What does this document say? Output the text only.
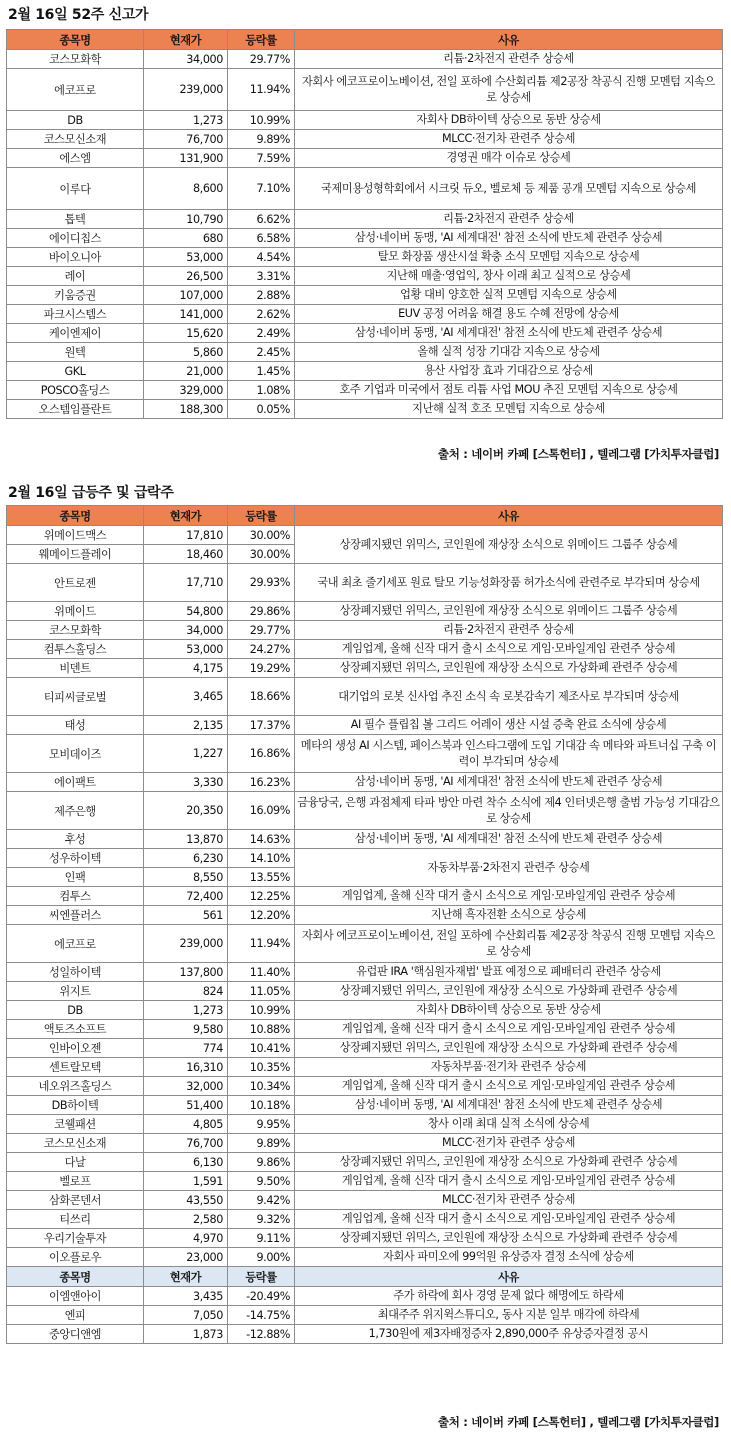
2월 16일 52주 신고가
종목명	현재가	등락률	사유
코스모화학	34,000	29.77%	리튬·2차전지 관련주 상승세
에코프로	239,000	11.94%	자회사 에코프로이노베이션, 전일 포하에 수산회리튬 제2공장 착공식 진행 모멘텀 지속으로 상승세
DB	1,273	10.99%	자회사 DB하이텍 상승으로 동반 상승세
코스모신소재	76,700	9.89%	MLCC·전기차 관련주 상승세
에스엠	131,900	7.59%	경영권 매각 이슈로 상승세
이루다	8,600	7.10%	국제미용성형학회에서 시크릿 듀오, 벨로체 등 제품 공개 모멘텀 지속으로 상승세
톱텍	10,790	6.62%	리튬·2차전지 관련주 상승세
에이디칩스	680	6.58%	삼성·네이버 동맹, 'AI 세계대전' 참전 소식에 반도체 관련주 상승세
바이오니아	53,000	4.54%	탈모 화장품 생산시설 확충 소식 모멘텀 지속으로 상승세
레이	26,500	3.31%	지난해 매출·영업익, 창사 이래 최고 실적으로 상승세
키움증권	107,000	2.88%	업황 대비 양호한 실적 모멘텀 지속으로 상승세
파크시스템스	141,000	2.62%	EUV 공정 어려움 해결 용도 수혜 전망에 상승세
케이엔제이	15,620	2.49%	삼성·네이버 동맹, 'AI 세계대전' 참전 소식에 반도체 관련주 상승세
원텍	5,860	2.45%	올해 실적 성장 기대감 지속으로 상승세
GKL	21,000	1.45%	용산 사업장 효과 기대감으로 상승세
POSCO홀딩스	329,000	1.08%	호주 기업과 미국에서 점토 리튬 사업 MOU 추진 모멘텀 지속으로 상승세
오스템임플란트	188,300	0.05%	지난해 실적 호조 모멘텀 지속으로 상승세
출처 : 네이버 카페 [스톡헌터] , 텔레그램 [가치투자클럽]
2월 16일 급등주 및 급락주
종목명	현재가	등락률	사유
위메이드맥스	17,810	30.00%	상장폐지됐던 위믹스, 코인원에 재상장 소식으로 위메이드 그룹주 상승세
웨메이드플레이	18,460	30.00%	
안트로젠	17,710	29.93%	국내 최초 줄기세포 원료 탈모 기능성화장품 허가소식에 관련주로 부각되며 상승세
위메이드	54,800	29.86%	상장폐지됐던 위믹스, 코인원에 재상장 소식으로 위메이드 그룹주 상승세
코스모화학	34,000	29.77%	리튬·2차전지 관련주 상승세
컴투스홀딩스	53,000	24.27%	게임업계, 올해 신작 대거 출시 소식으로 게임·모바일게임 관련주 상승세
비덴트	4,175	19.29%	상장폐지됐던 위믹스, 코인원에 재상장 소식으로 가상화폐 관련주 상승세
티피씨글로벌	3,465	18.66%	대기업의 로봇 신사업 추진 소식 속 로봇감속기 제조사로 부각되며 상승세
태성	2,135	17.37%	AI 필수 플립칩 볼 그리드 어레이 생산 시설 증축 완료 소식에 상승세
모비데이즈	1,227	16.86%	메타의 생성 AI 시스템, 페이스북과 인스타그램에 도입 기대감 속 메타와 파트너십 구축 이력이 부각되며 상승세
에이팩트	3,330	16.23%	삼성·네이버 동맹, 'AI 세계대전' 참전 소식에 반도체 관련주 상승세
제주은행	20,350	16.09%	금융당국, 은행 과점체제 타파 방안 마련 착수 소식에 제4 인터넷은행 출범 가능성 기대감으로 상승세
후성	13,870	14.63%	삼성·네이버 동맹, 'AI 세계대전' 참전 소식에 반도체 관련주 상승세
성우하이텍	6,230	14.10%	자동차부품·2차전지 관련주 상승세
인팩	8,550	13.55%	
컴투스	72,400	12.25%	게임업계, 올해 신작 대거 출시 소식으로 게임·모바일게임 관련주 상승세
씨엔플러스	561	12.20%	지난해 흑자전환 소식으로 상승세
에코프로	239,000	11.94%	자회사 에코프로이노베이션, 전일 포하에 수산회리튬 제2공장 착공식 진행 모멘텀 지속으로 상승세
성일하이텍	137,800	11.40%	유럽판 IRA '핵심원자재법' 발표 예정으로 폐배터리 관련주 상승세
위지트	824	11.05%	상장폐지됐던 위믹스, 코인원에 재상장 소식으로 가상화폐 관련주 상승세
DB	1,273	10.99%	자회사 DB하이텍 상승으로 동반 상승세
액토즈소프트	9,580	10.88%	게임업계, 올해 신작 대거 출시 소식으로 게임·모바일게임 관련주 상승세
인바이오젠	774	10.41%	상장폐지됐던 위믹스, 코인원에 재상장 소식으로 가상화폐 관련주 상승세
센트랄모텍	16,310	10.35%	자동차부품·전기차 관련주 상승세
네오위즈홀딩스	32,000	10.34%	게임업계, 올해 신작 대거 출시 소식으로 게임·모바일게임 관련주 상승세
DB하이텍	51,400	10.18%	삼성·네이버 동맹, 'AI 세계대전' 참전 소식에 반도체 관련주 상승세
코웰패션	4,805	9.95%	창사 이래 최대 실적 소식에 상승세
코스모신소재	76,700	9.89%	MLCC·전기차 관련주 상승세
다날	6,130	9.86%	상장폐지됐던 위믹스, 코인원에 재상장 소식으로 가상화폐 관련주 상승세
벨로프	1,591	9.50%	게임업계, 올해 신작 대거 출시 소식으로 게임·모바일게임 관련주 상승세
삼화콘덴서	43,550	9.42%	MLCC·전기차 관련주 상승세
티쓰리	2,580	9.32%	게임업계, 올해 신작 대거 출시 소식으로 게임·모바일게임 관련주 상승세
우리기술투자	4,970	9.11%	상장폐지됐던 위믹스, 코인원에 재상장 소식으로 가상화폐 관련주 상승세
이오플로우	23,000	9.00%	자회사 파미오에 99억원 유상증자 결정 소식에 상승세
종목명	현재가	등락률	사유
이엠앤아이	3,435	-20.49%	주가 하락에 회사 경영 문제 없다 해명에도 하락세
엔피	7,050	-14.75%	최대주주 위지윅스튜디오, 동사 지분 일부 매각에 하락세
중앙디앤엠	1,873	-12.88%	1,730원에 제3자배정증자 2,890,000주 유상증자결정 공시
출처 : 네이버 카페 [스톡헌터] , 텔레그램 [가치투자클럽]
